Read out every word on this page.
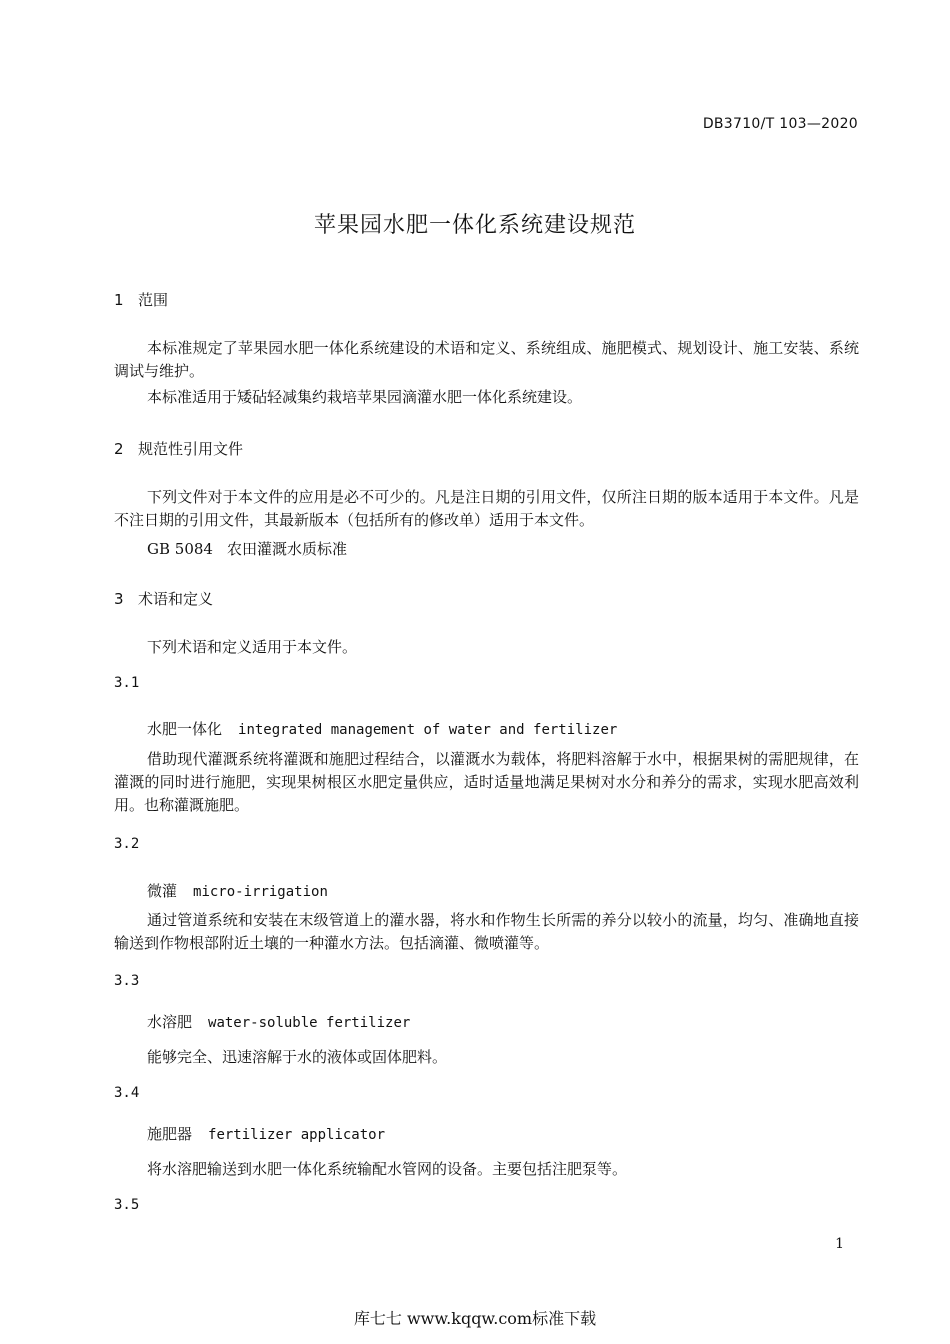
DB3710/T 103—2020
苹果园水肥一体化系统建设规范
1 范围
本标准规定了苹果园水肥一体化系统建设的术语和定义、系统组成、施肥模式、规划设计、施工安装、系统调试与维护。
本标准适用于矮砧轻减集约栽培苹果园滴灌水肥一体化系统建设。
2 规范性引用文件
下列文件对于本文件的应用是必不可少的。凡是注日期的引用文件，仅所注日期的版本适用于本文件。凡是不注日期的引用文件，其最新版本（包括所有的修改单）适用于本文件。
GB 5084 农田灌溉水质标准
3 术语和定义
下列术语和定义适用于本文件。
3.1
水肥一体化 integrated management of water and fertilizer
借助现代灌溉系统将灌溉和施肥过程结合，以灌溉水为载体，将肥料溶解于水中，根据果树的需肥规律，在灌溉的同时进行施肥，实现果树根区水肥定量供应，适时适量地满足果树对水分和养分的需求，实现水肥高效利用。也称灌溉施肥。
3.2
微灌 micro-irrigation
通过管道系统和安装在末级管道上的灌水器，将水和作物生长所需的养分以较小的流量，均匀、准确地直接输送到作物根部附近土壤的一种灌水方法。包括滴灌、微喷灌等。
3.3
水溶肥 water-soluble fertilizer
能够完全、迅速溶解于水的液体或固体肥料。
3.4
施肥器 fertilizer applicator
将水溶肥输送到水肥一体化系统输配水管网的设备。主要包括注肥泵等。
3.5
1
库七七 www.kqqw.com标准下载
